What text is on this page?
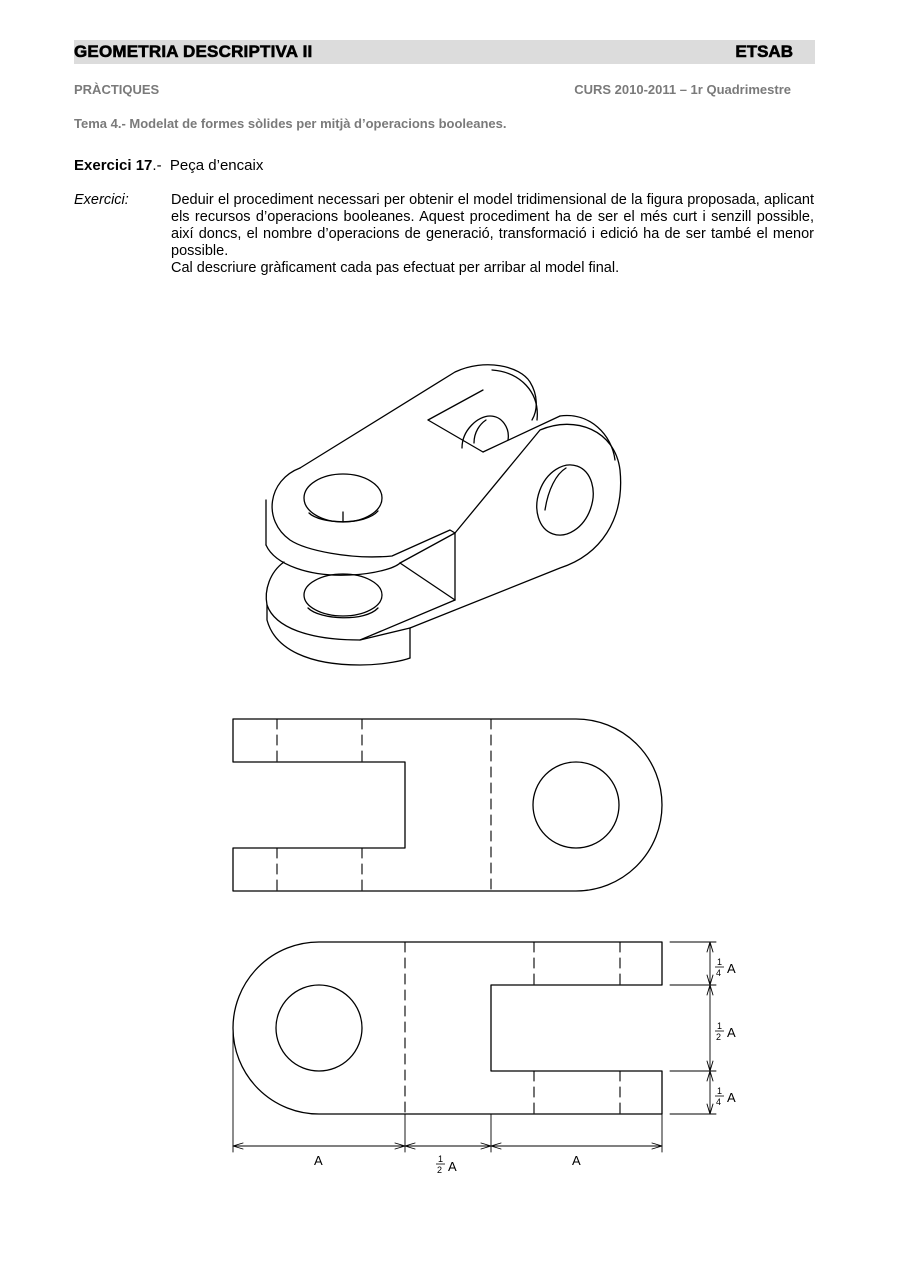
GEOMETRIA DESCRIPTIVA II	ETSAB
PRÀCTIQUES	CURS 2010-2011 – 1r Quadrimestre
Tema 4.- Modelat de formes sòlides per mitjà d’operacions booleanes.
Exercici 17.- Peça d’encaix
Exercici:	Deduir el procediment necessari per obtenir el model tridimensional de la figura proposada, aplicant els recursos d’operacions booleanes. Aquest procediment ha de ser el més curt i senzill possible, així doncs, el nombre d’operacions de generació, transformació i edició ha de ser també el menor possible.

Cal descriure gràficament cada pas efectuat per arribar al model final.

A	A
1
2 A
1
4 A
1
2 A
1
4 A
